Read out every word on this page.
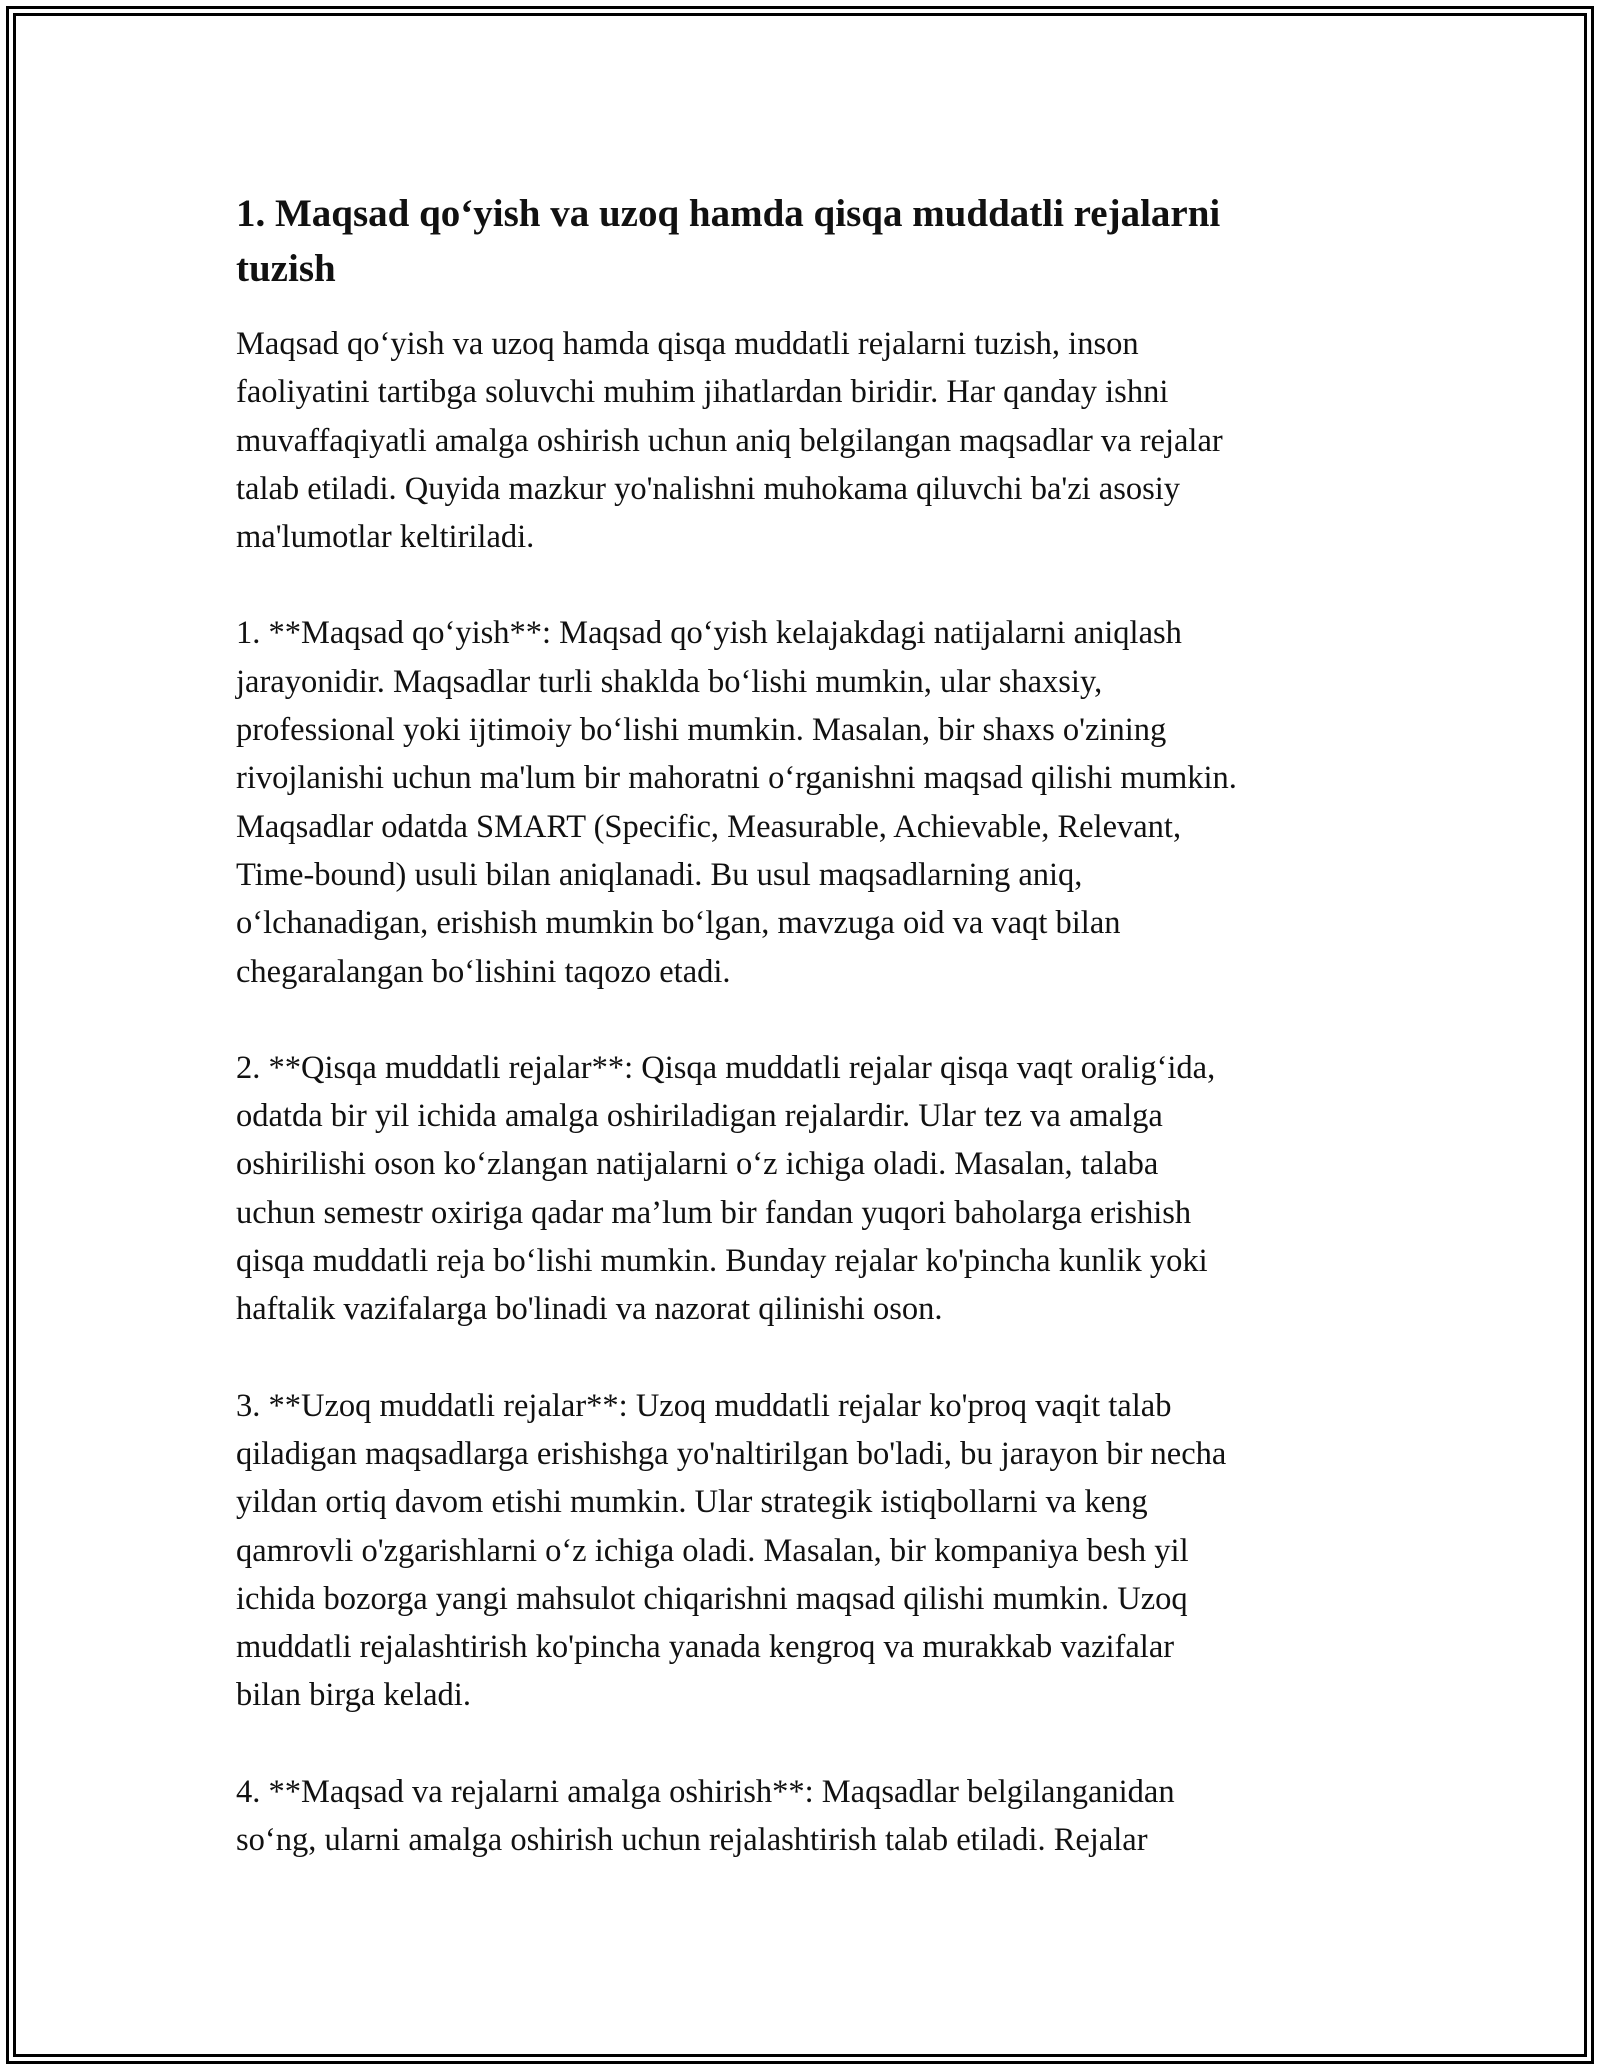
1. Maqsad qo‘yish va uzoq hamda qisqa muddatli rejalarni
tuzish

Maqsad qo‘yish va uzoq hamda qisqa muddatli rejalarni tuzish, inson
faoliyatini tartibga soluvchi muhim jihatlardan biridir. Har qanday ishni
muvaffaqiyatli amalga oshirish uchun aniq belgilangan maqsadlar va rejalar
talab etiladi. Quyida mazkur yo'nalishni muhokama qiluvchi ba'zi asosiy
ma'lumotlar keltiriladi.

1. **Maqsad qo‘yish**: Maqsad qo‘yish kelajakdagi natijalarni aniqlash
jarayonidir. Maqsadlar turli shaklda bo‘lishi mumkin, ular shaxsiy,
professional yoki ijtimoiy bo‘lishi mumkin. Masalan, bir shaxs o'zining
rivojlanishi uchun ma'lum bir mahoratni o‘rganishni maqsad qilishi mumkin.
Maqsadlar odatda SMART (Specific, Measurable, Achievable, Relevant,
Time-bound) usuli bilan aniqlanadi. Bu usul maqsadlarning aniq,
o‘lchanadigan, erishish mumkin bo‘lgan, mavzuga oid va vaqt bilan
chegaralangan bo‘lishini taqozo etadi.

2. **Qisqa muddatli rejalar**: Qisqa muddatli rejalar qisqa vaqt oralig‘ida,
odatda bir yil ichida amalga oshiriladigan rejalardir. Ular tez va amalga
oshirilishi oson ko‘zlangan natijalarni o‘z ichiga oladi. Masalan, talaba
uchun semestr oxiriga qadar ma’lum bir fandan yuqori baholarga erishish
qisqa muddatli reja bo‘lishi mumkin. Bunday rejalar ko'pincha kunlik yoki
haftalik vazifalarga bo'linadi va nazorat qilinishi oson.

3. **Uzoq muddatli rejalar**: Uzoq muddatli rejalar ko'proq vaqit talab
qiladigan maqsadlarga erishishga yo'naltirilgan bo'ladi, bu jarayon bir necha
yildan ortiq davom etishi mumkin. Ular strategik istiqbollarni va keng
qamrovli o'zgarishlarni o‘z ichiga oladi. Masalan, bir kompaniya besh yil
ichida bozorga yangi mahsulot chiqarishni maqsad qilishi mumkin. Uzoq
muddatli rejalashtirish ko'pincha yanada kengroq va murakkab vazifalar
bilan birga keladi.

4. **Maqsad va rejalarni amalga oshirish**: Maqsadlar belgilanganidan
so‘ng, ularni amalga oshirish uchun rejalashtirish talab etiladi. Rejalar
